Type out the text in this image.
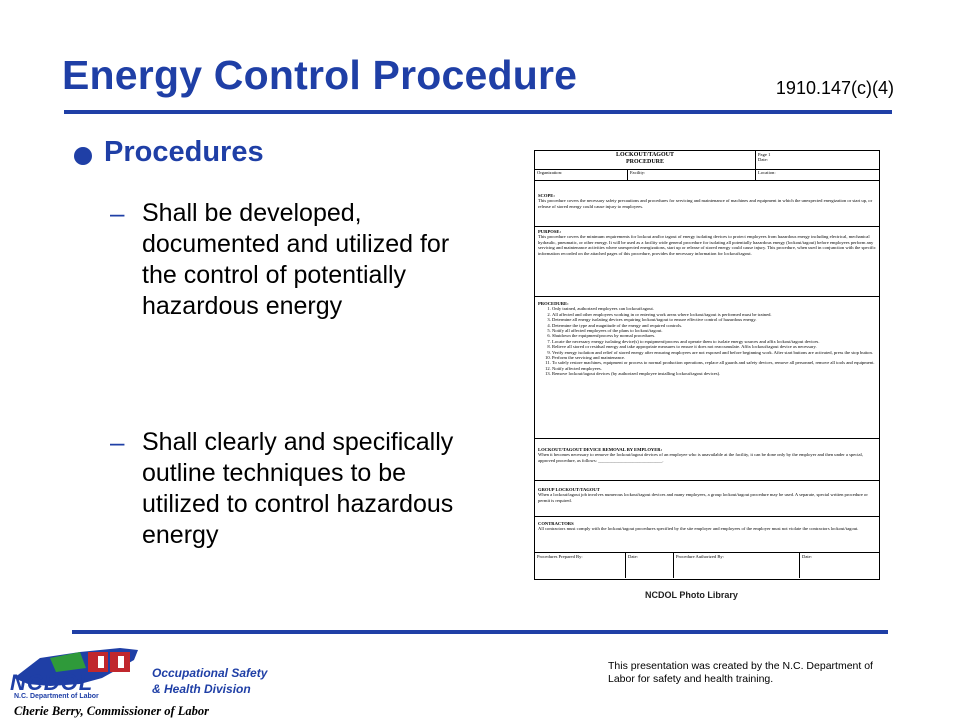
Energy Control Procedure	1910.147(c)(4)
Procedures
– Shall be developed, documented and utilized for the control of potentially hazardous energy
– Shall clearly and specifically outline techniques to be utilized to control hazardous energy
LOCKOUT/TAGOUT
PROCEDURE
Page 1
Date:
Organization:	Facility:	Location:
SCOPE:
This procedure covers the necessary safety precautions and procedures for servicing and maintenance of machines and equipment in which the unexpected energization or start up, or release of stored energy could cause injury to employees.
PURPOSE:
This procedure covers the minimum requirements for lockout and/or tagout of energy isolating devices to protect employees from hazardous energy including electrical, mechanical hydraulic, pneumatic, or other energy. It will be used as a facility wide general procedure for isolating all potentially hazardous energy (lockout/tagout) before employees perform any servicing and maintenance activities where unexpected energizations, start up or release of stored energy could cause injury. This procedure, when used in conjunction with the specific information recorded on the attached pages of this procedure, provides the necessary information for lockout/tagout.
PROCEDURE:
1. Only trained, authorized employees can lockout/tagout.
2. All affected and other employees working in or entering work areas where lockout/tagout is performed must be trained.
3. Determine all energy isolating devices requiring lockout/tagout to ensure effective control of hazardous energy.
4. Determine the type and magnitude of the energy and required controls.
5. Notify all affected employees of the plans to lockout/tagout.
6. Shutdown the equipment/process by normal procedures.
7. Locate the necessary energy isolating device(s) to equipment/process and operate them to isolate energy sources and affix lockout/tagout devices.
8. Relieve all stored or residual energy and take appropriate measures to ensure it does not reaccumulate. Affix lockout/tagout device as necessary.
9. Verify energy isolation and relief of stored energy after ensuring employees are not exposed and before beginning work. After start buttons are activated, press the stop button.
10. Perform the servicing and maintenance.
11. To safely restore machines, equipment or process to normal production operations, replace all guards and safety devices, remove all personnel, remove all tools and equipment.
12. Notify affected employees.
13. Remove lockout/tagout devices (by authorized employee installing lockout/tagout devices).
LOCKOUT/TAGOUT DEVICE REMOVAL BY EMPLOYER:
When it becomes necessary to remove the lockout/tagout devices of an employee who is unavailable at the facility, it can be done only by the employer and then under a special, approved procedure, as follows: ____________________________.
GROUP LOCKOUT/TAGOUT
When a lockout/tagout job involves numerous lockout/tagout devices and many employees, a group lockout/tagout procedure may be used. A separate, special written procedure or permit is required.
CONTRACTORS
All contractors must comply with the lockout/tagout procedures specified by the site employer and employees of the employer must not violate the contractors lockout/tagout.
Procedures Prepared By:	Date:	Procedure Authorized By:	Date:
NCDOL Photo Library
NCDOL
N.C. Department of Labor
Occupational Safety
& Health Division
Cherie Berry, Commissioner of Labor
This presentation was created by the N.C. Department of Labor for safety and health training.
